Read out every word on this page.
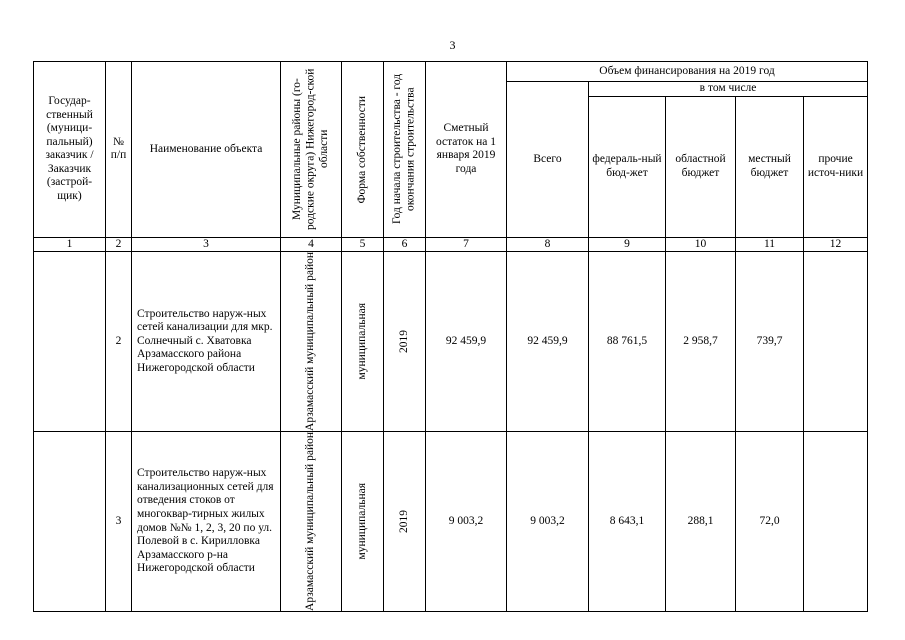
3
Государ-ственный (муници-пальный) заказчик / Заказчик (застрой-щик)	№ п/п	Наименование объекта	Муниципальные районы (го-родские округа) Нижегород-ской области	Форма собственности	Год начала строительства - год окончания строительства	Сметный остаток на 1 января 2019 года	Объем финансирования на 2019 год				
							Всего	в том числе			
								федераль-ный бюд-жет	областной бюджет	местный бюджет	прочие источ-ники
1	2	3	4	5	6	7	8	9	10	11	12
	2	Строительство наруж-ных сетей канализации для мкр. Солнечный с. Хватовка Арзамасского района Нижегородской области	Арзамасский муниципальный район	муниципальная	2019	92 459,9	92 459,9	88 761,5	2 958,7	739,7	
	3	Строительство наруж-ных канализационных сетей для отведения стоков от многоквар-тирных жилых домов №№ 1, 2, 3, 20 по ул. Полевой в с. Кирилловка Арзамасского р-на Нижегородской области	Арзамасский муниципальный район	муниципальная	2019	9 003,2	9 003,2	8 643,1	288,1	72,0	
